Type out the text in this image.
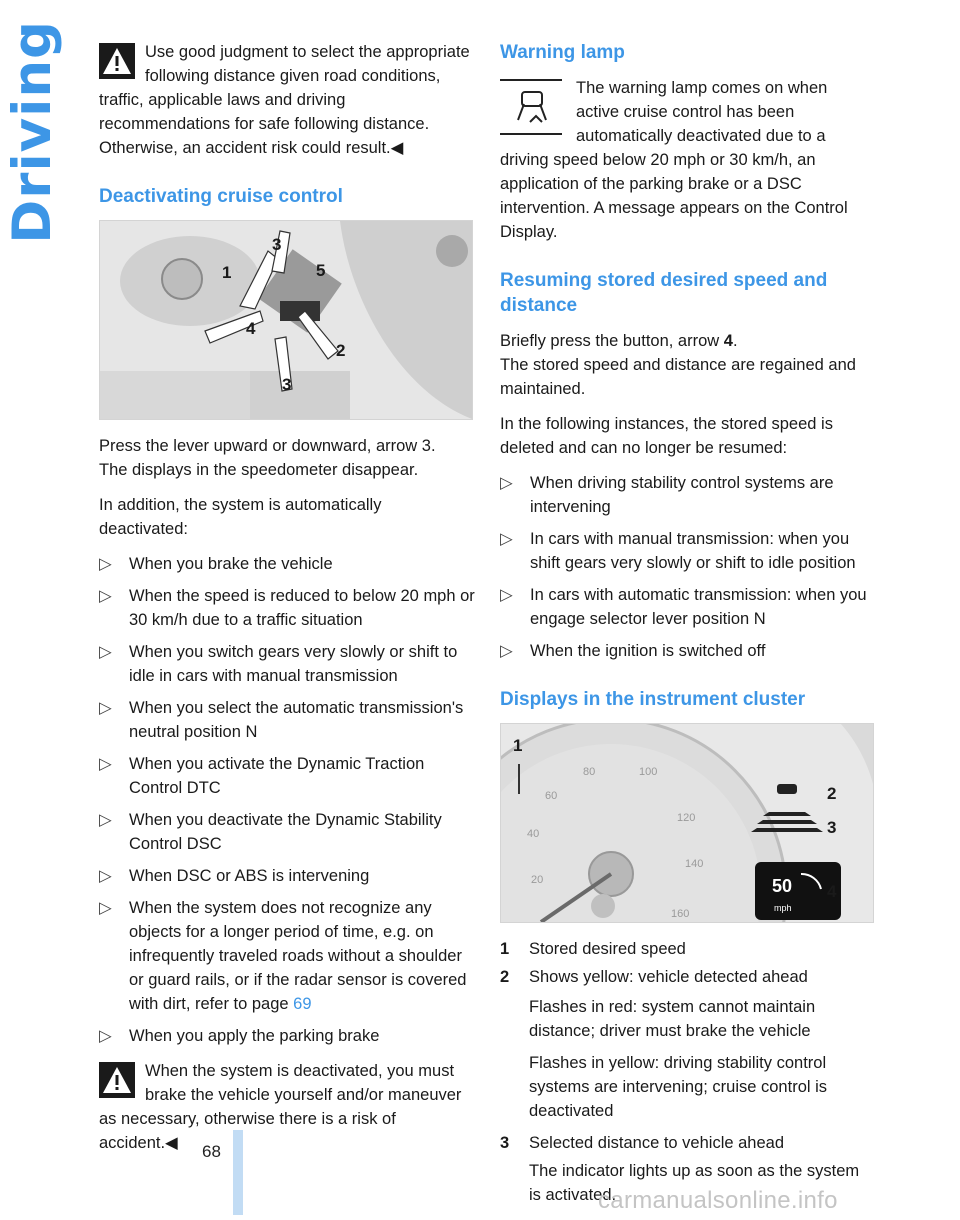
Driving	Use good judgment to select the appropriate following distance given road conditions, traffic, applicable laws and driving recommendations for safe following distance. Otherwise, an accident risk could result.◀
Deactivating cruise control
1
2
3
3
4
5

Press the lever upward or downward, arrow 3.

The displays in the speedometer disappear.

In addition, the system is automatically deactivated:

▷ When you brake the vehicle
▷ When the speed is reduced to below 20 mph or 30 km/h due to a traffic situation
▷ When you switch gears very slowly or shift to idle in cars with manual transmission
▷ When you select the automatic transmission's neutral position N
▷ When you activate the Dynamic Traction Control DTC
▷ When you deactivate the Dynamic Stability Control DSC
▷ When DSC or ABS is intervening
▷ When the system does not recognize any objects for a longer period of time, e.g. on infrequently traveled roads without a shoulder or guard rails, or if the radar sensor is covered with dirt, refer to page 69
▷ When you apply the parking brake
When the system is deactivated, you must brake the vehicle yourself and/or maneuver as necessary, otherwise there is a risk of accident.◀
Warning lamp
The warning lamp comes on when active cruise control has been automatically deactivated due to a driving speed below 20 mph or 30 km/h, an application of the parking brake or a DSC intervention. A message appears on the Control Display.
Resuming stored desired speed and distance

Briefly press the button, arrow 4.

The stored speed and distance are regained and maintained.

In the following instances, the stored speed is deleted and can no longer be resumed:

▷ When driving stability control systems are intervening
▷ In cars with manual transmission: when you shift gears very slowly or shift to idle position
▷ In cars with automatic transmission: when you engage selector lever position N
▷ When the ignition is switched off
Displays in the instrument cluster
1
2
3
4
50
mph
20
40
60
80	100
120
140
160
1	Stored desired speed
2	Shows yellow: vehicle detected ahead
Flashes in red: system cannot maintain distance; driver must brake the vehicle
Flashes in yellow: driving stability control systems are intervening; cruise control is deactivated
3	Selected distance to vehicle ahead
The indicator lights up as soon as the system is activated.
68
carmanualsonline.info
